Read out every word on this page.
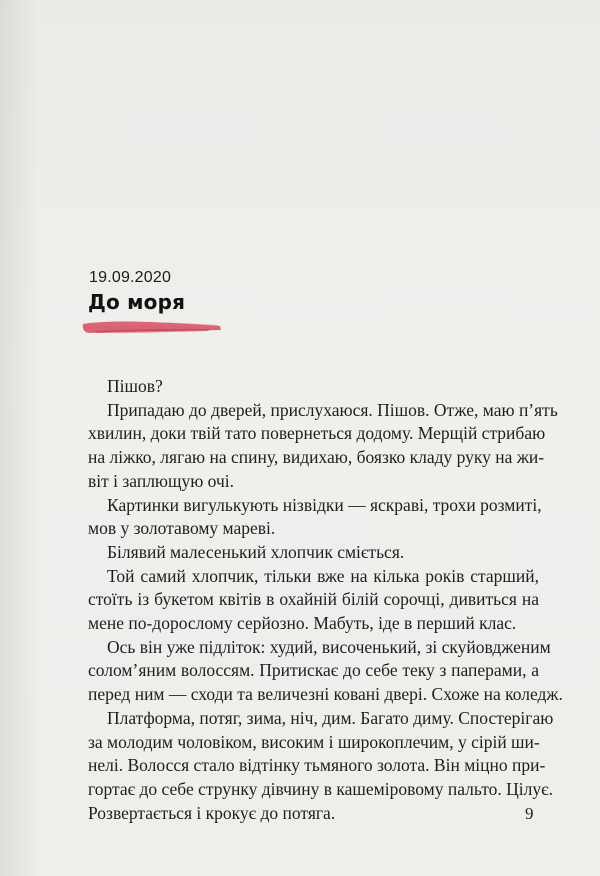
19.09.2020
До моря
Пішов?
Припадаю до дверей, прислухаюся. Пішов. Отже, маю п’ять
хвилин, доки твій тато повернеться додому. Мерщій стрибаю
на ліжко, лягаю на спину, видихаю, боязко кладу руку на жи-
віт і заплющую очі.
Картинки вигулькують нізвідки — яскраві, трохи розмиті,
мов у золотавому мареві.
Білявий малесенький хлопчик сміється.
Той самий хлопчик, тільки вже на кілька років старший,
стоїть із букетом квітів в охайній білій сорочці, дивиться на
мене по-дорослому серйозно. Мабуть, іде в перший клас.
Ось він уже підліток: худий, височенький, зі скуйовдженим
солом’яним волоссям. Притискає до себе теку з паперами, а
перед ним — сходи та величезні ковані двері. Схоже на коледж.
Платформа, потяг, зима, ніч, дим. Багато диму. Спостерігаю
за молодим чоловіком, високим і широкоплечим, у сірій ши-
нелі. Волосся стало відтінку тьмяного золота. Він міцно при-
гортає до себе струнку дівчину в кашеміровому пальто. Цілує.
Розвертається і крокує до потяга.	9
